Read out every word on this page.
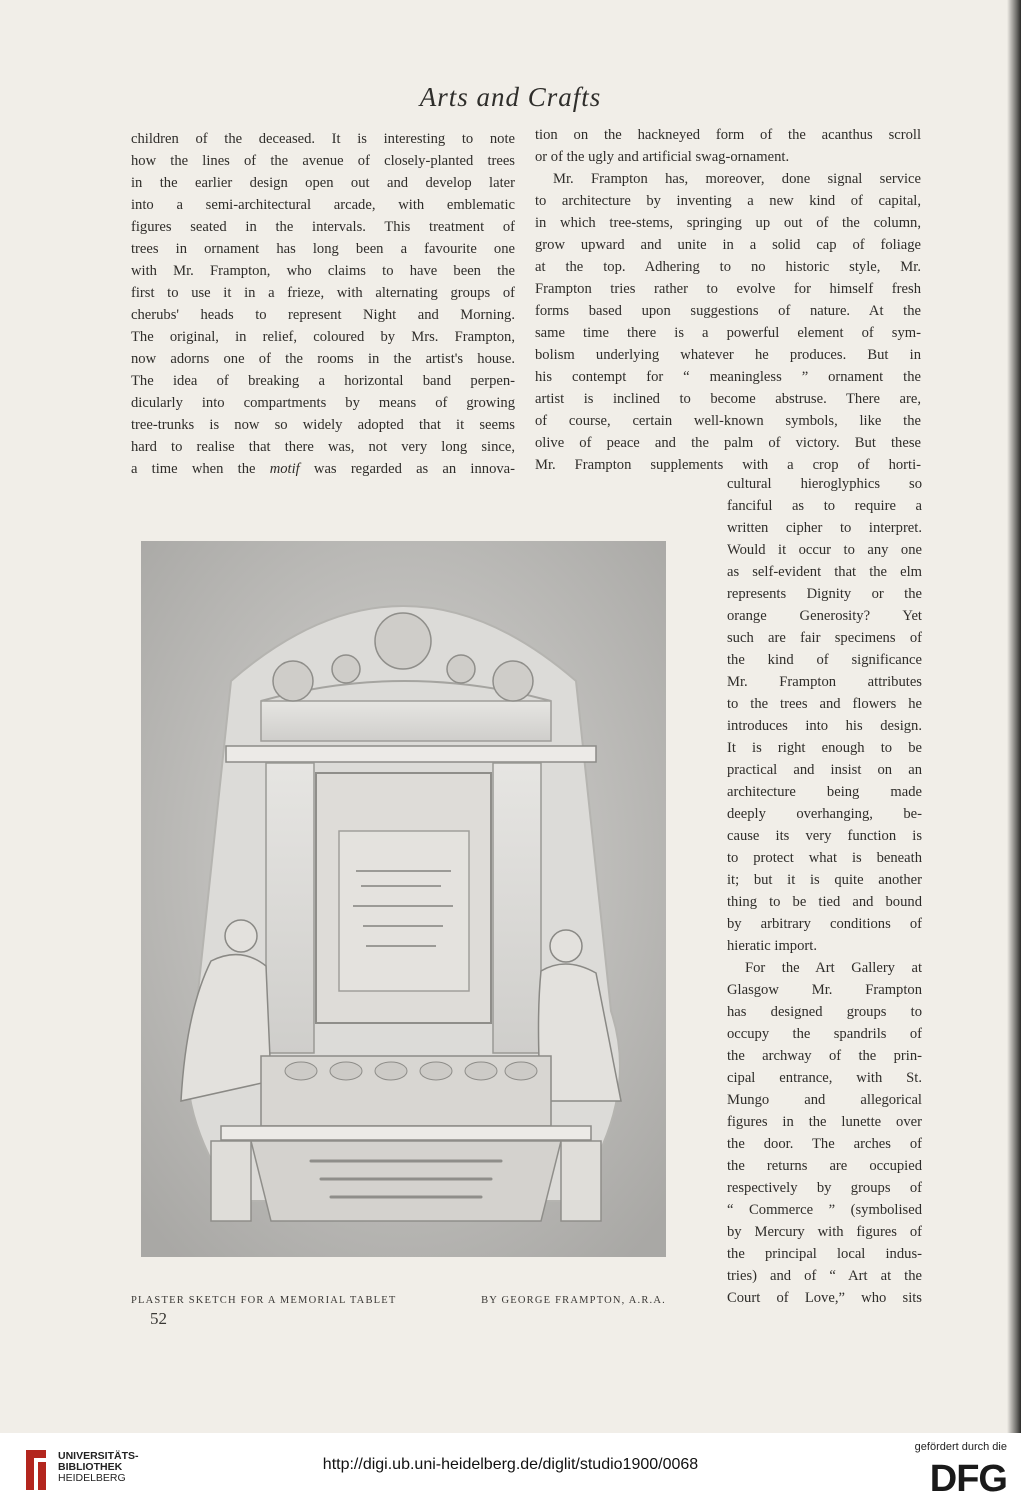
Arts and Crafts

children of the deceased. It is interesting to note

how the lines of the avenue of closely-planted trees

in the earlier design open out and develop later

into a semi-architectural arcade, with emblematic

figures seated in the intervals. This treatment of

trees in ornament has long been a favourite one

with Mr. Frampton, who claims to have been the

first to use it in a frieze, with alternating groups of

cherubs' heads to represent Night and Morning.

The original, in relief, coloured by Mrs. Frampton,

now adorns one of the rooms in the artist's house.

The idea of breaking a horizontal band perpen-

dicularly into compartments by means of growing

tree-trunks is now so widely adopted that it seems

hard to realise that there was, not very long since,

a time when the motif was regarded as an innova-

tion on the hackneyed form of the acanthus scroll

or of the ugly and artificial swag-ornament.

Mr. Frampton has, moreover, done signal service

to architecture by inventing a new kind of capital,

in which tree-stems, springing up out of the column,

grow upward and unite in a solid cap of foliage

at the top. Adhering to no historic style, Mr.

Frampton tries rather to evolve for himself fresh

forms based upon suggestions of nature. At the

same time there is a powerful element of sym-

bolism underlying whatever he produces. But in

his contempt for “ meaningless ” ornament the

artist is inclined to become abstruse. There are,

of course, certain well-known symbols, like the

olive of peace and the palm of victory. But these

Mr. Frampton supplements with a crop of horti-

cultural hieroglyphics so

fanciful as to require a

written cipher to interpret.

Would it occur to any one

as self-evident that the elm

represents Dignity or the

orange Generosity? Yet

such are fair specimens of

the kind of significance

Mr. Frampton attributes

to the trees and flowers he

introduces into his design.

It is right enough to be

practical and insist on an

architecture being made

deeply overhanging, be-

cause its very function is

to protect what is beneath

it; but it is quite another

thing to be tied and bound

by arbitrary conditions of

hieratic import.

For the Art Gallery at

Glasgow Mr. Frampton

has designed groups to

occupy the spandrils of

the archway of the prin-

cipal entrance, with St.

Mungo and allegorical

figures in the lunette over

the door. The arches of

the returns are occupied

respectively by groups of

“ Commerce ” (symbolised

by Mercury with figures of

the principal local indus-

tries) and of “ Art at the

Court of Love,” who sits

PLASTER SKETCH FOR A MEMORIAL TABLET	BY GEORGE FRAMPTON, A.R.A.
52
UNIVERSITÄTS-
BIBLIOTHEK
HEIDELBERG
http://digi.ub.uni-heidelberg.de/diglit/studio1900/0068
gefördert durch die
DFG
